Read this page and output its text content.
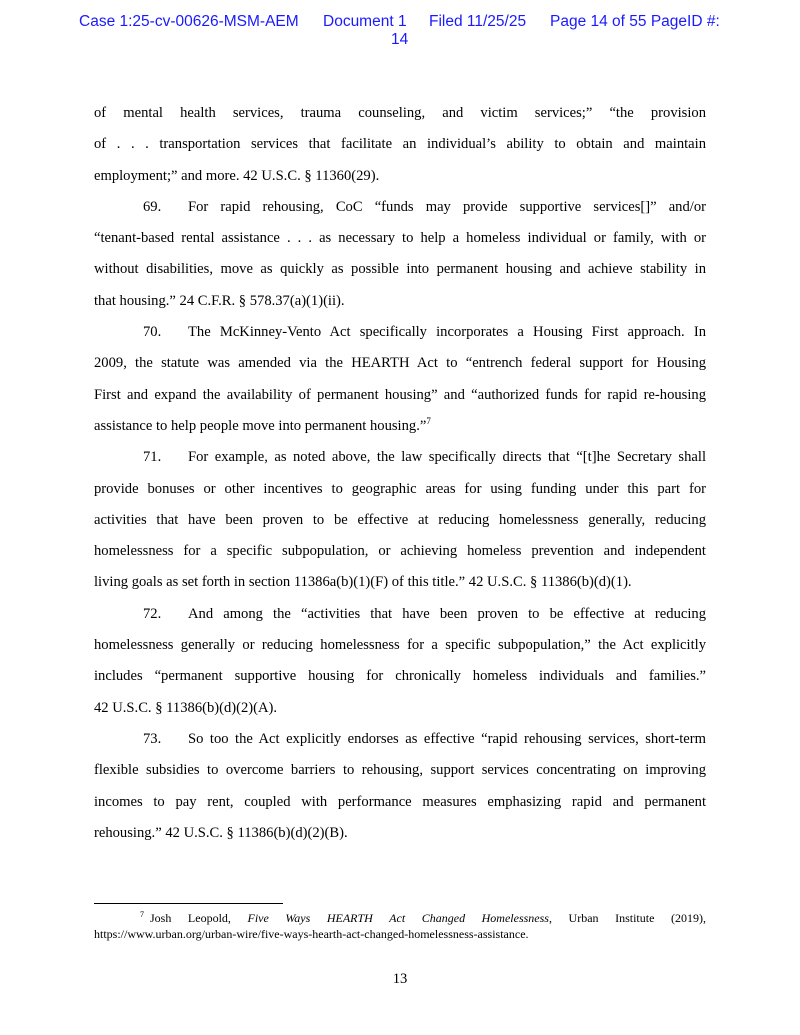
Case 1:25-cv-00626-MSM-AEM Document 1 Filed 11/25/25 Page 14 of 55 PageID #:
14
of mental health services, trauma counseling, and victim services;” “the provision
of . . . transportation services that facilitate an individual’s ability to obtain and maintain
employment;” and more. 42 U.S.C. § 11360(29).
69.	For rapid rehousing, CoC “funds may provide supportive services[]” and/or
“tenant-based rental assistance . . . as necessary to help a homeless individual or family, with or
without disabilities, move as quickly as possible into permanent housing and achieve stability in
that housing.” 24 C.F.R. § 578.37(a)(1)(ii).
70.	The McKinney-Vento Act specifically incorporates a Housing First approach. In
2009, the statute was amended via the HEARTH Act to “entrench federal support for Housing
First and expand the availability of permanent housing” and “authorized funds for rapid re-housing
assistance to help people move into permanent housing.”$^7$
71.	For example, as noted above, the law specifically directs that “[t]he Secretary shall
provide bonuses or other incentives to geographic areas for using funding under this part for
activities that have been proven to be effective at reducing homelessness generally, reducing
homelessness for a specific subpopulation, or achieving homeless prevention and independent
living goals as set forth in section 11386a(b)(1)(F) of this title.” 42 U.S.C. § 11386(b)(d)(1).
72.	And among the “activities that have been proven to be effective at reducing
homelessness generally or reducing homelessness for a specific subpopulation,” the Act explicitly
includes “permanent supportive housing for chronically homeless individuals and families.”
42 U.S.C. § 11386(b)(d)(2)(A).
73.	So too the Act explicitly endorses as effective “rapid rehousing services, short-term
flexible subsidies to overcome barriers to rehousing, support services concentrating on improving
incomes to pay rent, coupled with performance measures emphasizing rapid and permanent
rehousing.” 42 U.S.C. § 11386(b)(d)(2)(B).
$^7$ Josh Leopold, Five Ways HEARTH Act Changed Homelessness, Urban Institute (2019),
https://www.urban.org/urban-wire/five-ways-hearth-act-changed-homelessness-assistance.
13
